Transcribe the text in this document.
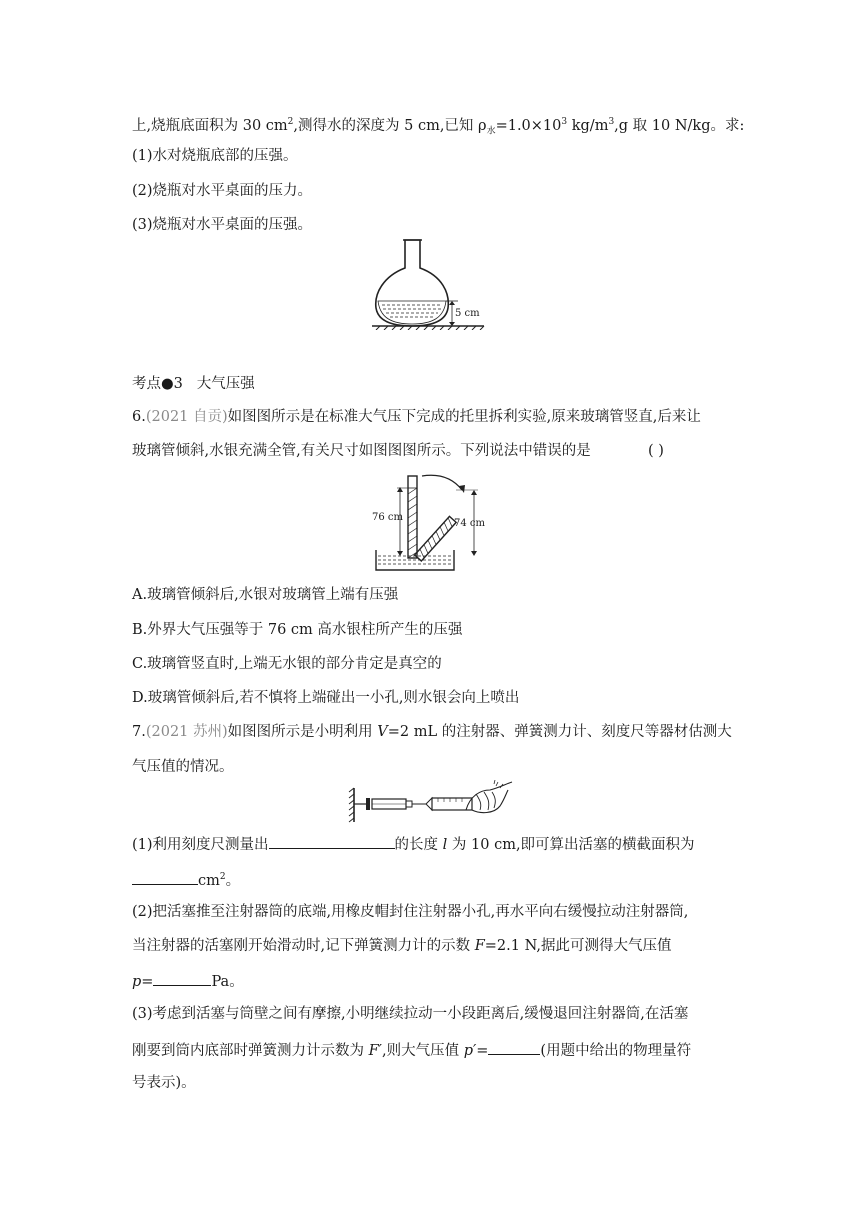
上,烧瓶底面积为 30 $cm^2$,测得水的深度为 5 cm,已知 $\rho_水=1.0\times 10^3$ $kg/m^3,g$ 取 10 N/kg。求:
(1)水对烧瓶底部的压强。
(2)烧瓶对水平桌面的压力。
(3)烧瓶对水平桌面的压强。
5 cm
考点●3 大气压强
6.(2021 自贡)如图图所示是在标准大气压下完成的托里拆利实验,原来玻璃管竖直,后来让
玻璃管倾斜,水银充满全管,有关尺寸如图图图所示。下列说法中错误的是	( )
76 cm
74 cm
A.玻璃管倾斜后,水银对玻璃管上端有压强
B.外界大气压强等于 76 cm 高水银柱所产生的压强
C.玻璃管竖直时,上端无水银的部分肯定是真空的
D.玻璃管倾斜后,若不慎将上端碰出一小孔,则水银会向上喷出
7.(2021 苏州)如图图所示是小明利用 V=2 mL 的注射器、弹簧测力计、刻度尺等器材估测大
气压值的情况。
(1)利用刻度尺测量出	的长度 l 为 10 cm,即可算出活塞的横截面积为
$cm^2$。
(2)把活塞推至注射器筒的底端,用橡皮帽封住注射器小孔,再水平向右缓慢拉动注射器筒,
当注射器的活塞刚开始滑动时,记下弹簧测力计的示数 F=2.1 N,据此可测得大气压值
p=	Pa。
(3)考虑到活塞与筒壁之间有摩擦,小明继续拉动一小段距离后,缓慢退回注射器筒,在活塞
刚要到筒内底部时弹簧测力计示数为 F′,则大气压值 p′=	(用题中给出的物理量符
号表示)。
